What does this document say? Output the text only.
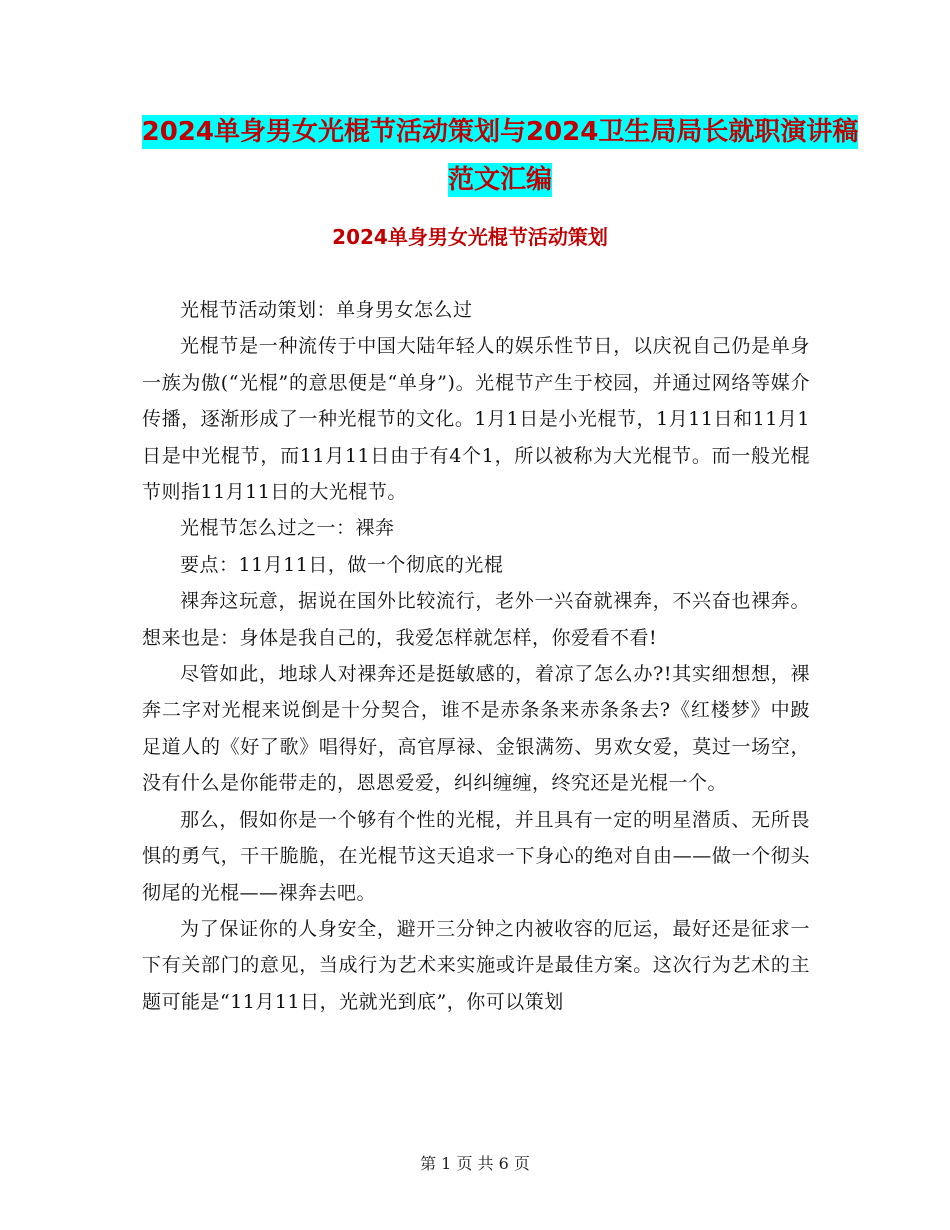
2024单身男女光棍节活动策划与2024卫生局局长就职演讲稿范文汇编
2024单身男女光棍节活动策划

光棍节活动策划：单身男女怎么过

光棍节是一种流传于中国大陆年轻人的娱乐性节日，以庆祝自己仍是单身一族为傲(“光棍”的意思便是“单身”)。光棍节产生于校园，并通过网络等媒介传播，逐渐形成了一种光棍节的文化。1月1日是小光棍节，1月11日和11月1日是中光棍节，而11月11日由于有4个1，所以被称为大光棍节。而一般光棍节则指11月11日的大光棍节。

光棍节怎么过之一：裸奔

要点：11月11日，做一个彻底的光棍

裸奔这玩意，据说在国外比较流行，老外一兴奋就裸奔，不兴奋也裸奔。想来也是：身体是我自己的，我爱怎样就怎样，你爱看不看!

尽管如此，地球人对裸奔还是挺敏感的，着凉了怎么办?!其实细想想，裸奔二字对光棍来说倒是十分契合，谁不是赤条条来赤条条去?《红楼梦》中跛足道人的《好了歌》唱得好，高官厚禄、金银满笏、男欢女爱，莫过一场空，没有什么是你能带走的，恩恩爱爱，纠纠缠缠，终究还是光棍一个。

那么，假如你是一个够有个性的光棍，并且具有一定的明星潜质、无所畏惧的勇气，干干脆脆，在光棍节这天追求一下身心的绝对自由——做一个彻头彻尾的光棍——裸奔去吧。

为了保证你的人身安全，避开三分钟之内被收容的厄运，最好还是征求一下有关部门的意见，当成行为艺术来实施或许是最佳方案。这次行为艺术的主题可能是“11月11日，光就光到底”，你可以策划

第 1 页 共 6 页
